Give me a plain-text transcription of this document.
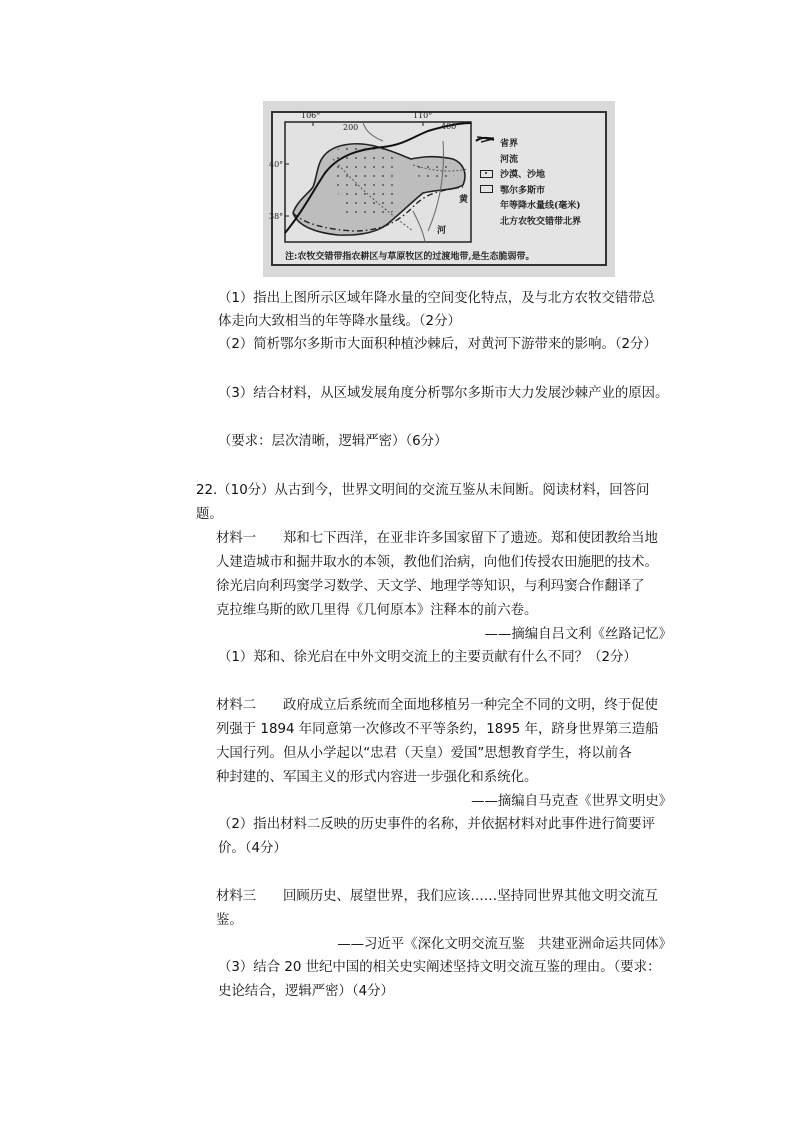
106°	110°
40°
38°
200	400
黄
河
省界
河流
沙漠、沙地
鄂尔多斯市
年等降水量线(毫米)
北方农牧交错带北界
注:农牧交错带指农耕区与草原牧区的过渡地带,是生态脆弱带。
（1）指出上图所示区域年降水量的空间变化特点，及与北方农牧交错带总
体走向大致相当的年等降水量线。（2分）
（2）简析鄂尔多斯市大面积种植沙棘后，对黄河下游带来的影响。（2分）
（3）结合材料，从区域发展角度分析鄂尔多斯市大力发展沙棘产业的原因。
（要求：层次清晰，逻辑严密）（6分）
22.（10分）从古到今，世界文明间的交流互鉴从未间断。阅读材料，回答问
题。
材料一　　郑和七下西洋，在亚非许多国家留下了遗迹。郑和使团教给当地
人建造城市和掘井取水的本领，教他们治病，向他们传授农田施肥的技术。
徐光启向利玛窦学习数学、天文学、地理学等知识，与利玛窦合作翻译了
克拉维乌斯的欧几里得《几何原本》注释本的前六卷。
——摘编自吕文利《丝路记忆》
（1）郑和、徐光启在中外文明交流上的主要贡献有什么不同？（2分）
材料二　　政府成立后系统而全面地移植另一种完全不同的文明，终于促使
列强于 1894 年同意第一次修改不平等条约，1895 年，跻身世界第三造船
大国行列。但从小学起以“忠君（天皇）爱国”思想教育学生，将以前各
种封建的、军国主义的形式内容进一步强化和系统化。
——摘编自马克查《世界文明史》
（2）指出材料二反映的历史事件的名称，并依据材料对此事件进行简要评
价。（4分）
材料三　　回顾历史、展望世界，我们应该……坚持同世界其他文明交流互
鉴。
——习近平《深化文明交流互鉴　共建亚洲命运共同体》
（3）结合 20 世纪中国的相关史实阐述坚持文明交流互鉴的理由。（要求：
史论结合，逻辑严密）（4分）
